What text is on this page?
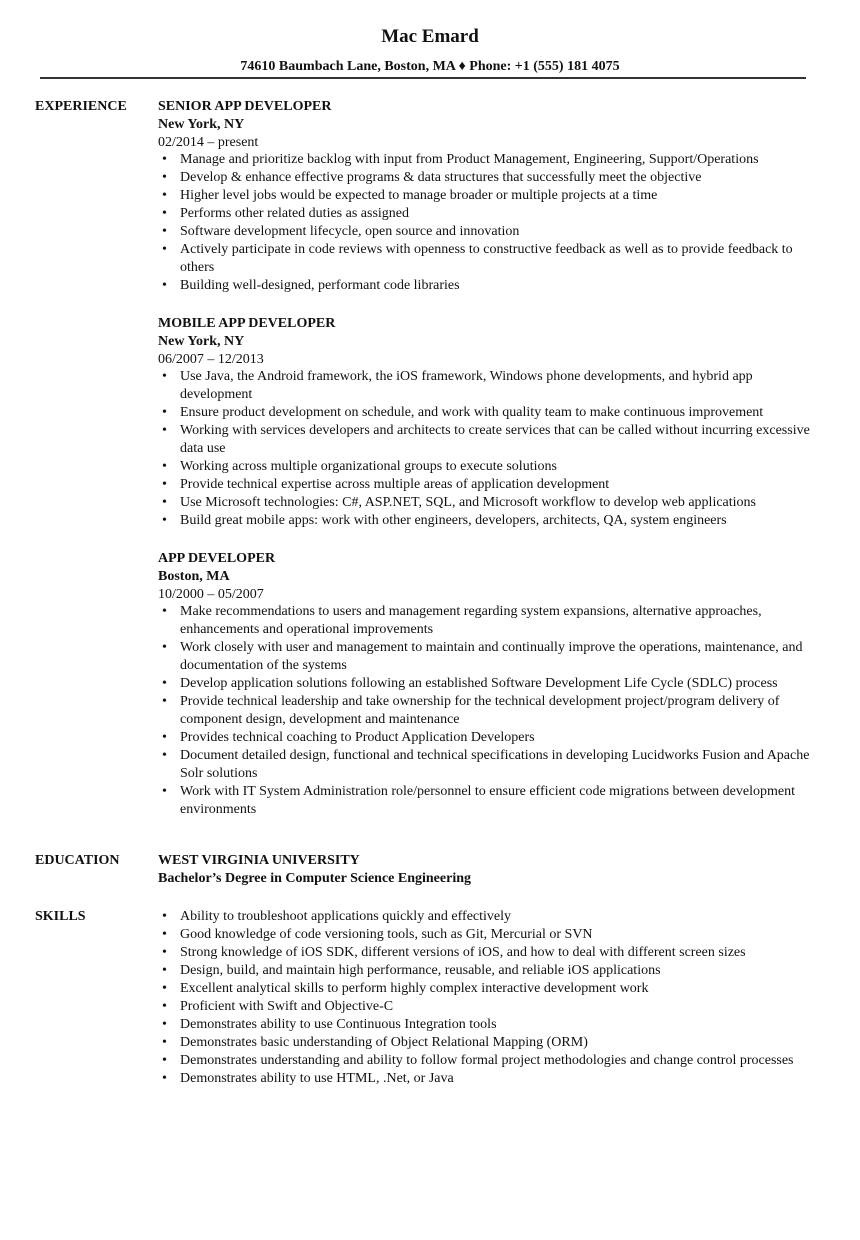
Mac Emard
74610 Baumbach Lane, Boston, MA ♦ Phone: +1 (555) 181 4075
EXPERIENCE SENIOR APP DEVELOPER
New York, NY
02/2014 – present
• Manage and prioritize backlog with input from Product Management, Engineering, Support/Operations
• Develop & enhance effective programs & data structures that successfully meet the objective
• Higher level jobs would be expected to manage broader or multiple projects at a time
• Performs other related duties as assigned
• Software development lifecycle, open source and innovation
• Actively participate in code reviews with openness to constructive feedback as well as to provide feedback to others
• Building well-designed, performant code libraries
MOBILE APP DEVELOPER
New York, NY
06/2007 – 12/2013
• Use Java, the Android framework, the iOS framework, Windows phone developments, and hybrid app development
• Ensure product development on schedule, and work with quality team to make continuous improvement
• Working with services developers and architects to create services that can be called without incurring excessive data use
• Working across multiple organizational groups to execute solutions
• Provide technical expertise across multiple areas of application development
• Use Microsoft technologies: C#, ASP.NET, SQL, and Microsoft workflow to develop web applications
• Build great mobile apps: work with other engineers, developers, architects, QA, system engineers
APP DEVELOPER
Boston, MA
10/2000 – 05/2007
• Make recommendations to users and management regarding system expansions, alternative approaches, enhancements and operational improvements
• Work closely with user and management to maintain and continually improve the operations, maintenance, and documentation of the systems
• Develop application solutions following an established Software Development Life Cycle (SDLC) process
• Provide technical leadership and take ownership for the technical development project/program delivery of component design, development and maintenance
• Provides technical coaching to Product Application Developers
• Document detailed design, functional and technical specifications in developing Lucidworks Fusion and Apache Solr solutions
• Work with IT System Administration role/personnel to ensure efficient code migrations between development environments
EDUCATION	WEST VIRGINIA UNIVERSITY
Bachelor’s Degree in Computer Science Engineering
SKILLS	• Ability to troubleshoot applications quickly and effectively
• Good knowledge of code versioning tools, such as Git, Mercurial or SVN
• Strong knowledge of iOS SDK, different versions of iOS, and how to deal with different screen sizes
• Design, build, and maintain high performance, reusable, and reliable iOS applications
• Excellent analytical skills to perform highly complex interactive development work
• Proficient with Swift and Objective-C
• Demonstrates ability to use Continuous Integration tools
• Demonstrates basic understanding of Object Relational Mapping (ORM)
• Demonstrates understanding and ability to follow formal project methodologies and change control processes
• Demonstrates ability to use HTML, .Net, or Java
